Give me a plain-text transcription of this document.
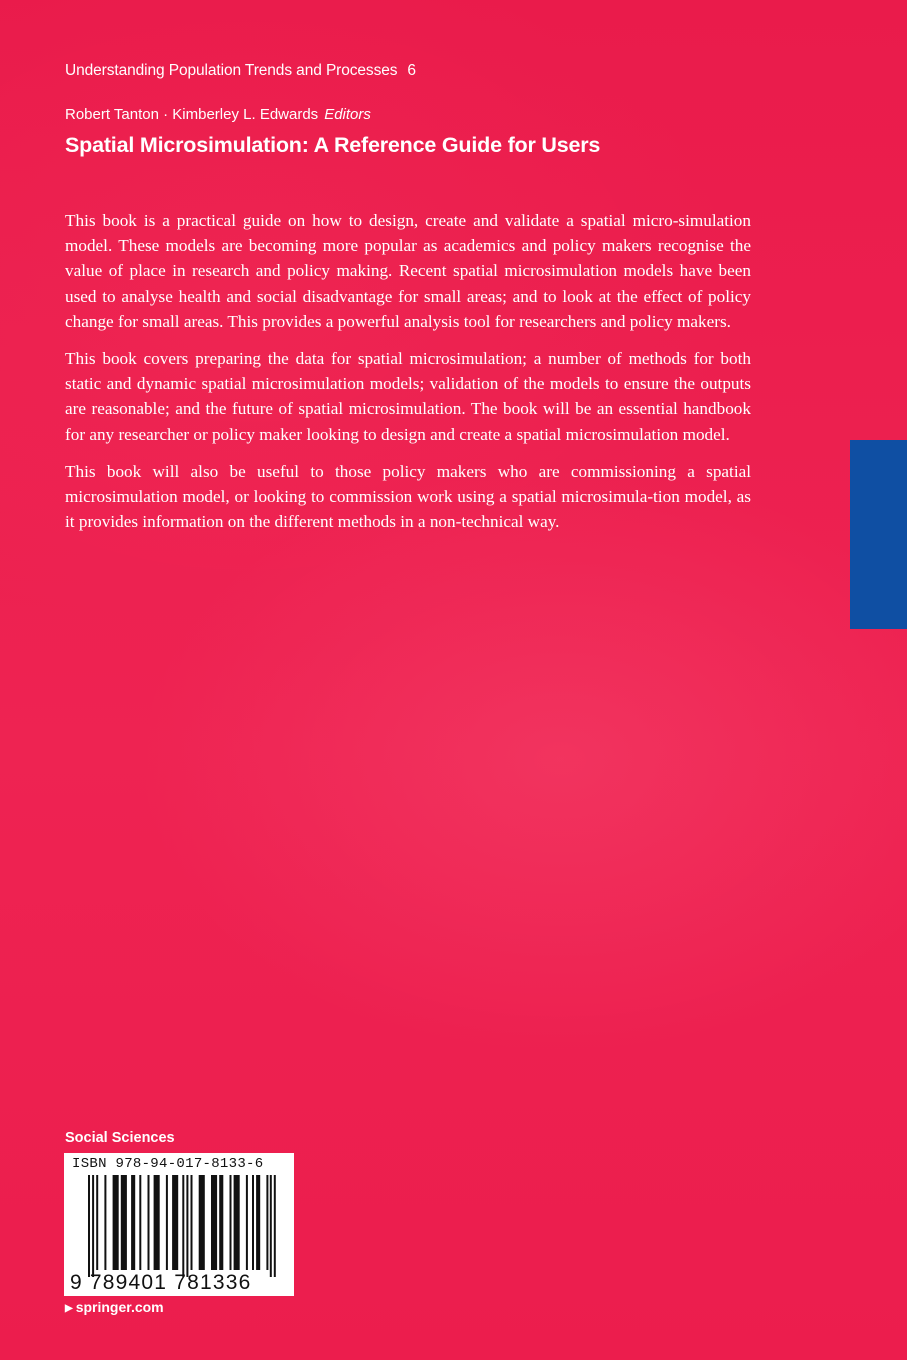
Understanding Population Trends and Processes 6
Robert Tanton · Kimberley L. Edwards Editors
Spatial Microsimulation: A Reference Guide for Users

This book is a practical guide on how to design, create and validate a spatial micro-simulation model. These models are becoming more popular as academics and policy makers recognise the value of place in research and policy making. Recent spatial microsimulation models have been used to analyse health and social disadvantage for small areas; and to look at the effect of policy change for small areas. This provides a powerful analysis tool for researchers and policy makers.

This book covers preparing the data for spatial microsimulation; a number of methods for both static and dynamic spatial microsimulation models; validation of the models to ensure the outputs are reasonable; and the future of spatial microsimulation. The book will be an essential handbook for any researcher or policy maker looking to design and create a spatial microsimulation model.

This book will also be useful to those policy makers who are commissioning a spatial microsimulation model, or looking to commission work using a spatial microsimula-tion model, as it provides information on the different methods in a non-technical way.

Social Sciences
ISBN 978-94-017-8133-6
9 789401 781336
▶ springer.com
